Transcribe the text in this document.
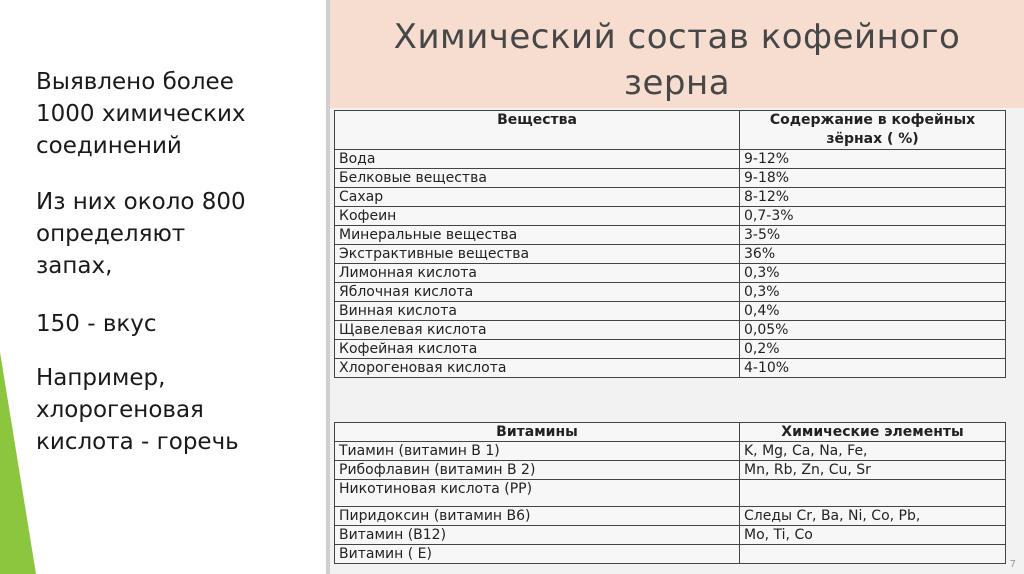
Выявлено более
1000 химических
соединений
Из них около 800
определяют
запах,
150 - вкус
Например,
хлорогеновая
кислота - горечь
Химический состав кофейного
зерна
Вещества	Содержание в кофейных зёрнах ( %)
Вода	9-12%
Белковые вещества	9-18%
Сахар	8-12%
Кофеин	0,7-3%
Минеральные вещества	3-5%
Экстрактивные вещества	36%
Лимонная кислота	0,3%
Яблочная кислота	0,3%
Винная кислота	0,4%
Щавелевая кислота	0,05%
Кофейная кислота	0,2%
Хлорогеновая кислота	4-10%
Витамины	Химические элементы
Тиамин (витамин В 1)	K, Mg, Ca, Na, Fe,
Рибофлавин (витамин В 2)	Mn, Rb, Zn, Cu, Sr
Никотиновая кислота (PP)	
Пиридоксин (витамин В6)	Следы Cr, Ba, Ni, Co, Pb,
Витамин (В12)	Mo, Ti, Co
Витамин ( Е)	
7
